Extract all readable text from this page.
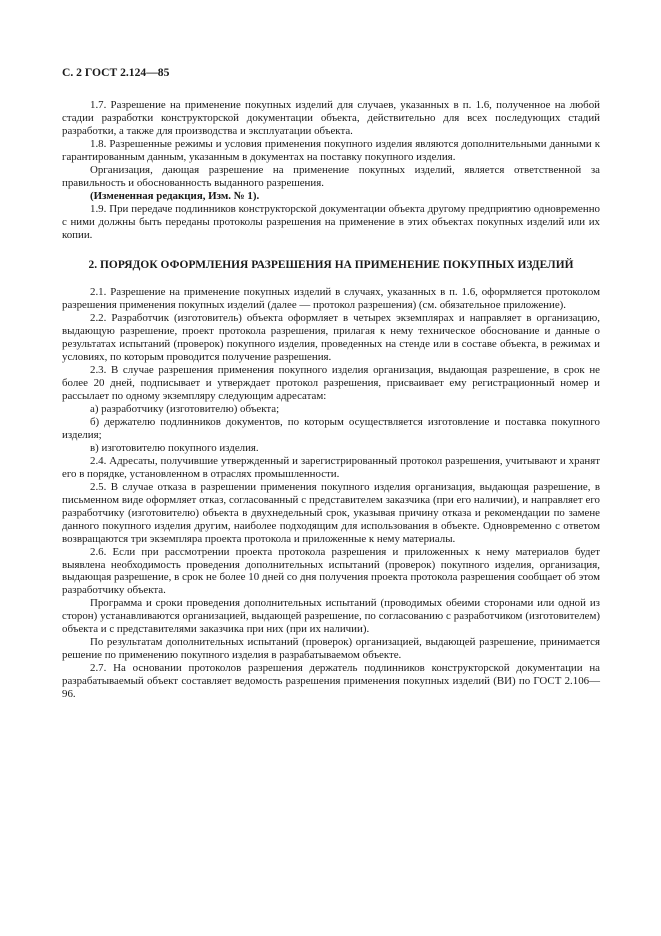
С. 2 ГОСТ 2.124—85

1.7. Разрешение на применение покупных изделий для случаев, указанных в п. 1.6, полученное на любой стадии разработки конструкторской документации объекта, действительно для всех последующих стадий разработки, а также для производства и эксплуатации объекта.

1.8. Разрешенные режимы и условия применения покупного изделия являются дополнительными данными к гарантированным данным, указанным в документах на поставку покупного изделия.

Организация, дающая разрешение на применение покупных изделий, является ответственной за правильность и обоснованность выданного разрешения.

(Измененная редакция, Изм. № 1).

1.9. При передаче подлинников конструкторской документации объекта другому предприятию одновременно с ними должны быть переданы протоколы разрешения на применение в этих объектах покупных изделий или их копии.

2. ПОРЯДОК ОФОРМЛЕНИЯ РАЗРЕШЕНИЯ НА ПРИМЕНЕНИЕ ПОКУПНЫХ ИЗДЕЛИЙ

2.1. Разрешение на применение покупных изделий в случаях, указанных в п. 1.6, оформляется протоколом разрешения применения покупных изделий (далее — протокол разрешения) (см. обязательное приложение).

2.2. Разработчик (изготовитель) объекта оформляет в четырех экземплярах и направляет в организацию, выдающую разрешение, проект протокола разрешения, прилагая к нему техническое обоснование и данные о результатах испытаний (проверок) покупного изделия, проведенных на стенде или в составе объекта, в режимах и условиях, по которым проводится получение разрешения.

2.3. В случае разрешения применения покупного изделия организация, выдающая разрешение, в срок не более 20 дней, подписывает и утверждает протокол разрешения, присваивает ему регистрационный номер и рассылает по одному экземпляру следующим адресатам:

а) разработчику (изготовителю) объекта;

б) держателю подлинников документов, по которым осуществляется изготовление и поставка покупного изделия;

в) изготовителю покупного изделия.

2.4. Адресаты, получившие утвержденный и зарегистрированный протокол разрешения, учитывают и хранят его в порядке, установленном в отраслях промышленности.

2.5. В случае отказа в разрешении применения покупного изделия организация, выдающая разрешение, в письменном виде оформляет отказ, согласованный с представителем заказчика (при его наличии), и направляет его разработчику (изготовителю) объекта в двухнедельный срок, указывая причину отказа и рекомендации по замене данного покупного изделия другим, наиболее подходящим для использования в объекте. Одновременно с ответом возвращаются три экземпляра проекта протокола и приложенные к нему материалы.

2.6. Если при рассмотрении проекта протокола разрешения и приложенных к нему материалов будет выявлена необходимость проведения дополнительных испытаний (проверок) покупного изделия, организация, выдающая разрешение, в срок не более 10 дней со дня получения проекта протокола разрешения сообщает об этом разработчику объекта.

Программа и сроки проведения дополнительных испытаний (проводимых обеими сторонами или одной из сторон) устанавливаются организацией, выдающей разрешение, по согласованию с разработчиком (изготовителем) объекта и с представителями заказчика при них (при их наличии).

По результатам дополнительных испытаний (проверок) организацией, выдающей разрешение, принимается решение по применению покупного изделия в разрабатываемом объекте.

2.7. На основании протоколов разрешения держатель подлинников конструкторской документации на разрабатываемый объект составляет ведомость разрешения применения покупных изделий (ВИ) по ГОСТ 2.106—96.
